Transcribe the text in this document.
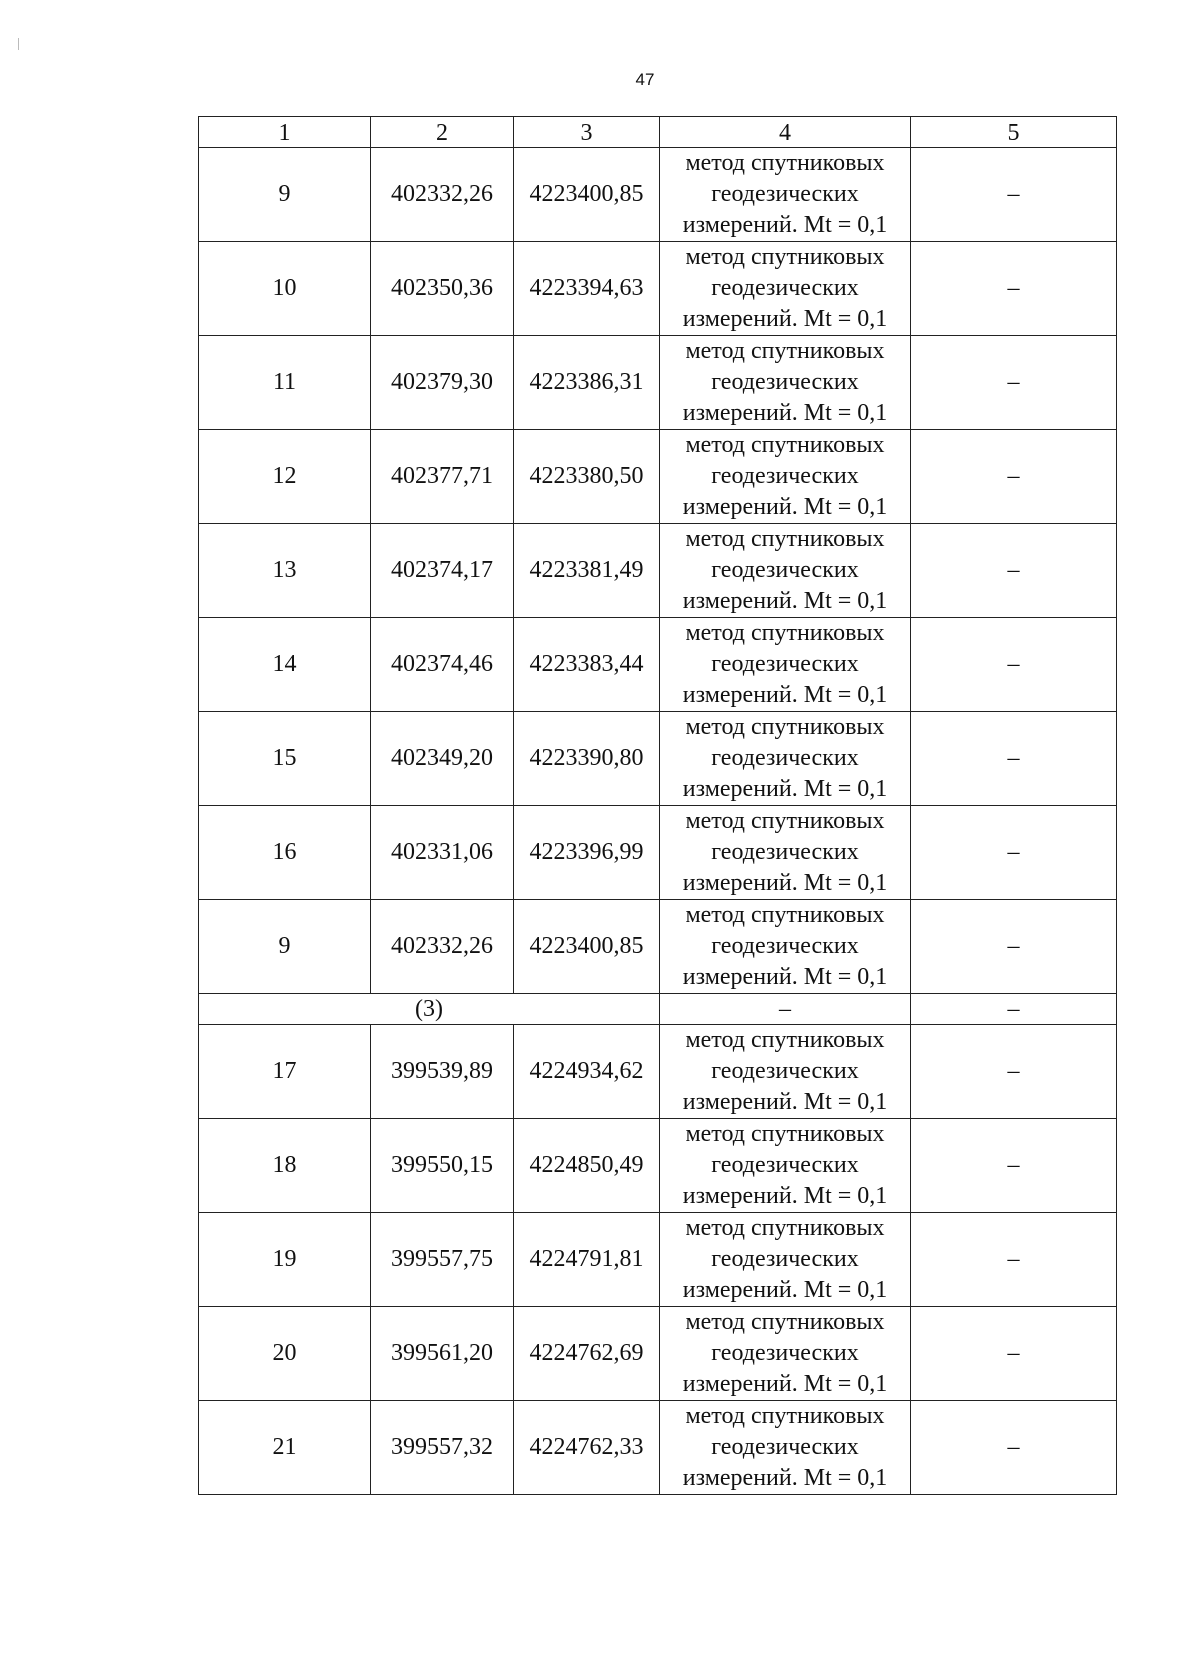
47
1	2	3	4	5
9	402332,26	4223400,85	метод спутниковых геодезических измерений. Mt = 0,1	–
10	402350,36	4223394,63	метод спутниковых геодезических измерений. Mt = 0,1	–
11	402379,30	4223386,31	метод спутниковых геодезических измерений. Mt = 0,1	–
12	402377,71	4223380,50	метод спутниковых геодезических измерений. Mt = 0,1	–
13	402374,17	4223381,49	метод спутниковых геодезических измерений. Mt = 0,1	–
14	402374,46	4223383,44	метод спутниковых геодезических измерений. Mt = 0,1	–
15	402349,20	4223390,80	метод спутниковых геодезических измерений. Mt = 0,1	–
16	402331,06	4223396,99	метод спутниковых геодезических измерений. Mt = 0,1	–
9	402332,26	4223400,85	метод спутниковых геодезических измерений. Mt = 0,1	–
(3)			–	–
17	399539,89	4224934,62	метод спутниковых геодезических измерений. Mt = 0,1	–
18	399550,15	4224850,49	метод спутниковых геодезических измерений. Mt = 0,1	–
19	399557,75	4224791,81	метод спутниковых геодезических измерений. Mt = 0,1	–
20	399561,20	4224762,69	метод спутниковых геодезических измерений. Mt = 0,1	–
21	399557,32	4224762,33	метод спутниковых геодезических измерений. Mt = 0,1	–
